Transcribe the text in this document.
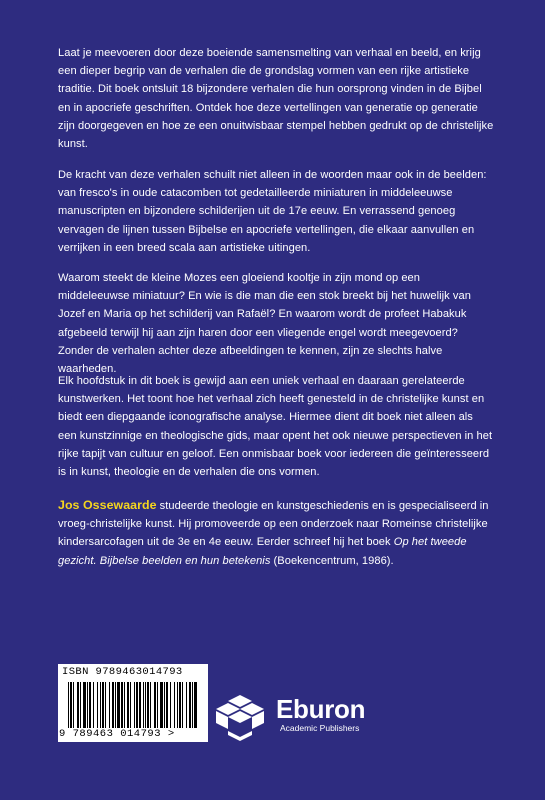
Laat je meevoeren door deze boeiende samensmelting van verhaal en beeld, en krijg een dieper begrip van de verhalen die de grondslag vormen van een rijke artistieke traditie. Dit boek ontsluit 18 bijzondere verhalen die hun oorsprong vinden in de Bijbel en in apocriefe geschriften. Ontdek hoe deze vertellingen van generatie op generatie zijn doorgegeven en hoe ze een onuitwisbaar stempel hebben gedrukt op de christelijke kunst.
De kracht van deze verhalen schuilt niet alleen in de woorden maar ook in de beelden: van fresco's in oude catacomben tot gedetailleerde miniaturen in middeleeuwse manuscripten en bijzondere schilderijen uit de 17e eeuw. En verrassend genoeg vervagen de lijnen tussen Bijbelse en apocriefe vertellingen, die elkaar aanvullen en verrijken in een breed scala aan artistieke uitingen.
Waarom steekt de kleine Mozes een gloeiend kooltje in zijn mond op een middeleeuwse miniatuur? En wie is die man die een stok breekt bij het huwelijk van Jozef en Maria op het schilderij van Rafaël? En waarom wordt de profeet Habakuk afgebeeld terwijl hij aan zijn haren door een vliegende engel wordt meegevoerd? Zonder de verhalen achter deze afbeeldingen te kennen, zijn ze slechts halve waarheden.
Elk hoofdstuk in dit boek is gewijd aan een uniek verhaal en daaraan gerelateerde kunstwerken. Het toont hoe het verhaal zich heeft genesteld in de christelijke kunst en biedt een diepgaande iconografische analyse. Hiermee dient dit boek niet alleen als een kunstzinnige en theologische gids, maar opent het ook nieuwe perspectieven in het rijke tapijt van cultuur en geloof. Een onmisbaar boek voor iedereen die geïnteresseerd is in kunst, theologie en de verhalen die ons vormen.
Jos Ossewaarde studeerde theologie en kunstgeschiedenis en is gespecialiseerd in vroeg-christelijke kunst. Hij promoveerde op een onderzoek naar Romeinse christelijke kindersarcofagen uit de 3e en 4e eeuw. Eerder schreef hij het boek Op het tweede gezicht. Bijbelse beelden en hun betekenis (Boekencentrum, 1986).
ISBN 9789463014793
9 789463 014793 >
Eburon
Academic Publishers
